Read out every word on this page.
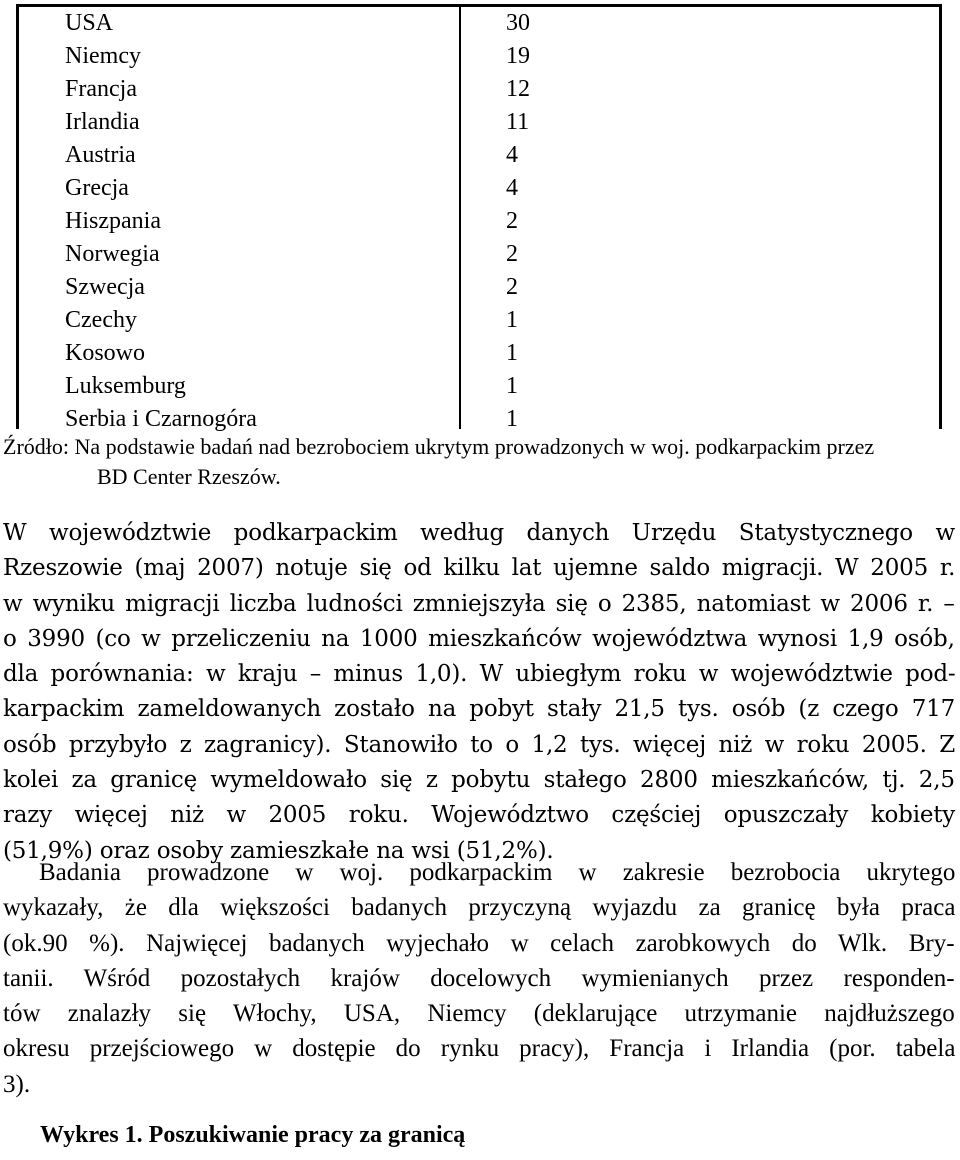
USA	30
Niemcy	19
Francja	12
Irlandia	11
Austria	4
Grecja	4
Hiszpania	2
Norwegia	2
Szwecja	2
Czechy	1
Kosowo	1
Luksemburg	1
Serbia i Czarnogóra	1
Źródło: Na podstawie badań nad bezrobociem ukrytym prowadzonych w woj. podkarpackim przez
BD Center Rzeszów.
W województwie podkarpackim według danych Urzędu Statystycznego w
Rzeszowie (maj 2007) notuje się od kilku lat ujemne saldo migracji. W 2005 r.
w wyniku migracji liczba ludności zmniejszyła się o 2385, natomiast w 2006 r. –
o 3990 (co w przeliczeniu na 1000 mieszkańców województwa wynosi 1,9 osób,
dla porównania: w kraju – minus 1,0). W ubiegłym roku w województwie pod-
karpackim zameldowanych zostało na pobyt stały 21,5 tys. osób (z czego 717
osób przybyło z zagranicy). Stanowiło to o 1,2 tys. więcej niż w roku 2005. Z
kolei za granicę wymeldowało się z pobytu stałego 2800 mieszkańców, tj. 2,5
razy więcej niż w 2005 roku. Województwo częściej opuszczały kobiety
(51,9%) oraz osoby zamieszkałe na wsi (51,2%).
Badania prowadzone w woj. podkarpackim w zakresie bezrobocia ukrytego
wykazały, że dla większości badanych przyczyną wyjazdu za granicę była praca
(ok.90 %). Najwięcej badanych wyjechało w celach zarobkowych do Wlk. Bry-
tanii. Wśród pozostałych krajów docelowych wymienianych przez responden-
tów znalazły się Włochy, USA, Niemcy (deklarujące utrzymanie najdłuższego
okresu przejściowego w dostępie do rynku pracy), Francja i Irlandia (por. tabela
3).
Wykres 1. Poszukiwanie pracy za granicą
